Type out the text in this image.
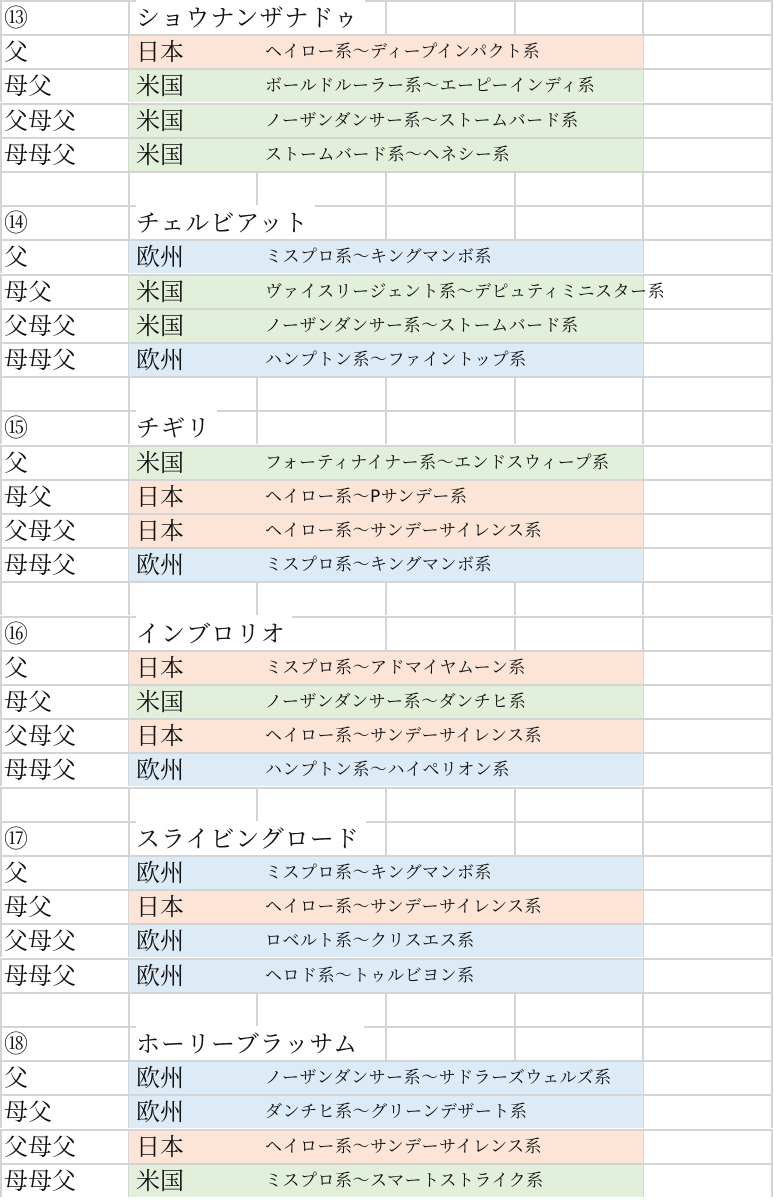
⑬	ショウナンザナドゥ
父	日本	ヘイロー系〜ディープインパクト系
母父	米国	ボールドルーラー系〜エーピーインディ系
父母父	米国	ノーザンダンサー系〜ストームバード系
母母父	米国	ストームバード系〜ヘネシー系
⑭	チェルビアット
父	欧州	ミスプロ系〜キングマンボ系
母父	米国	ヴァイスリージェント系〜デピュティミニスター系
父母父	米国	ノーザンダンサー系〜ストームバード系
母母父	欧州	ハンプトン系〜ファイントップ系
⑮	チギリ
父	米国	フォーティナイナー系〜エンドスウィープ系
母父	日本	ヘイロー系〜Pサンデー系
父母父	日本	ヘイロー系〜サンデーサイレンス系
母母父	欧州	ミスプロ系〜キングマンボ系
⑯	インブロリオ
父	日本	ミスプロ系〜アドマイヤムーン系
母父	米国	ノーザンダンサー系〜ダンチヒ系
父母父	日本	ヘイロー系〜サンデーサイレンス系
母母父	欧州	ハンプトン系〜ハイペリオン系
⑰	スライビングロード
父	欧州	ミスプロ系〜キングマンボ系
母父	日本	ヘイロー系〜サンデーサイレンス系
父母父	欧州	ロベルト系〜クリスエス系
母母父	欧州	ヘロド系〜トゥルビヨン系
⑱	ホーリーブラッサム
父	欧州	ノーザンダンサー系〜サドラーズウェルズ系
母父	欧州	ダンチヒ系〜グリーンデザート系
父母父	日本	ヘイロー系〜サンデーサイレンス系
母母父	米国	ミスプロ系〜スマートストライク系
